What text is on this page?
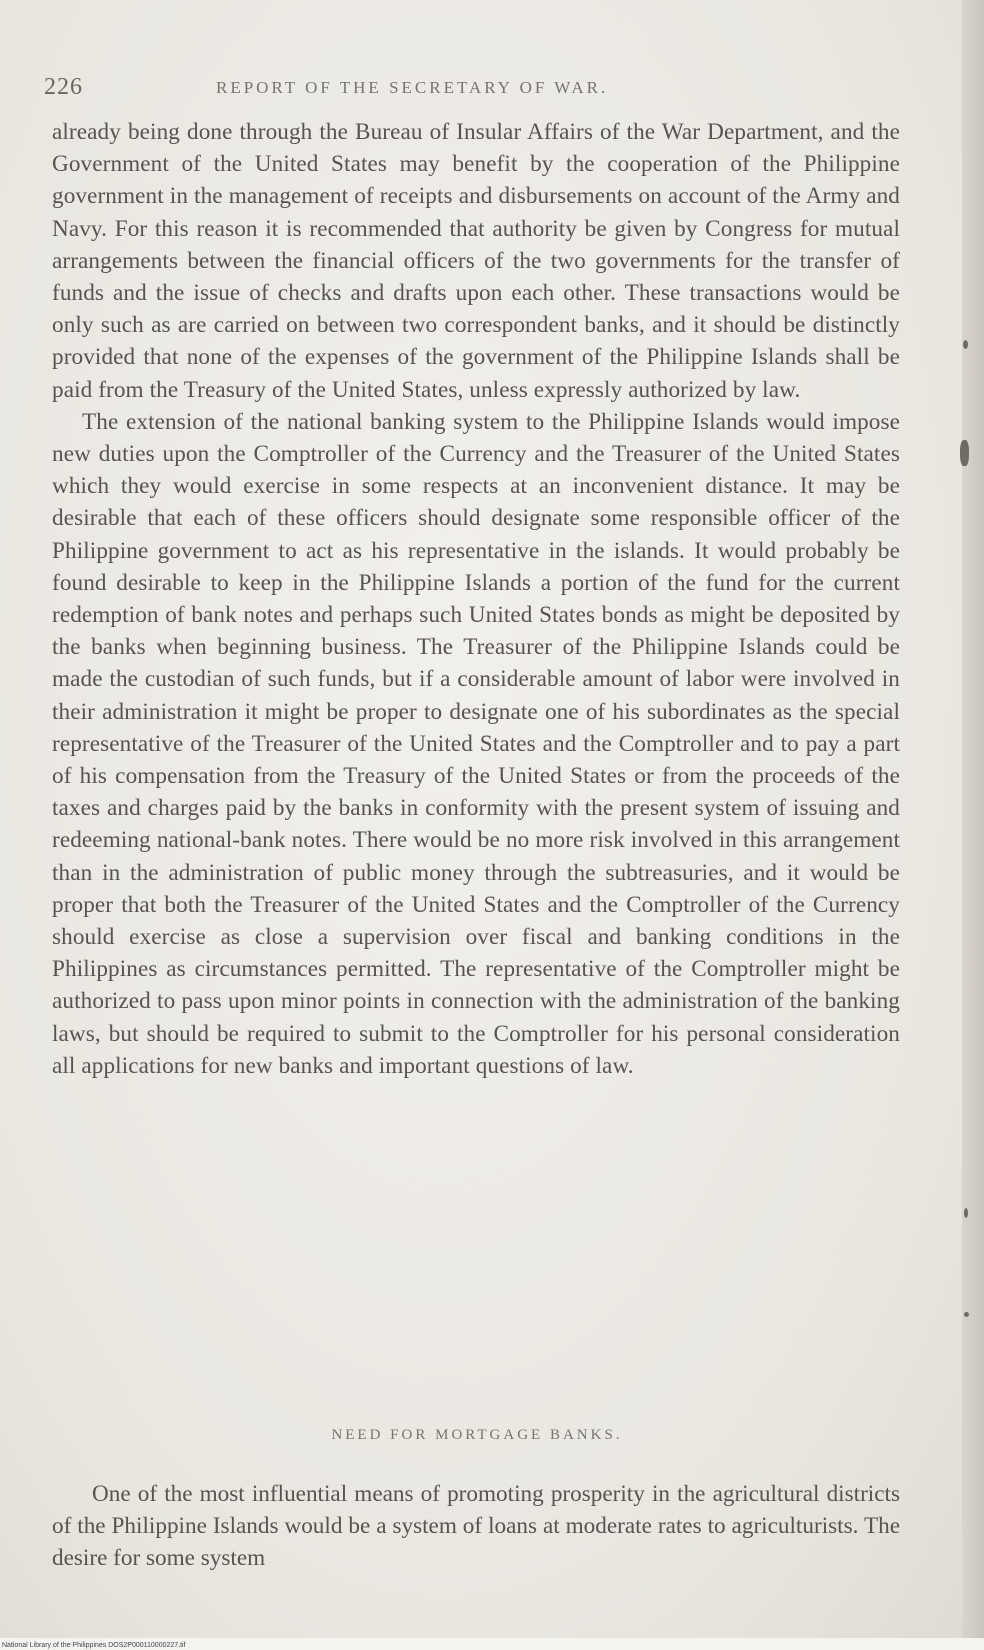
226	REPORT OF THE SECRETARY OF WAR.

already being done through the Bureau of Insular Affairs of the War Department, and the Government of the United States may benefit by the cooperation of the Philippine government in the management of receipts and disbursements on account of the Army and Navy. For this reason it is recommended that authority be given by Congress for mutual arrangements between the financial officers of the two governments for the transfer of funds and the issue of checks and drafts upon each other. These transactions would be only such as are carried on between two correspondent banks, and it should be distinctly provided that none of the expenses of the government of the Philippine Islands shall be paid from the Treasury of the United States, unless expressly authorized by law.

The extension of the national banking system to the Philippine Islands would impose new duties upon the Comptroller of the Currency and the Treasurer of the United States which they would exercise in some respects at an inconvenient distance. It may be desirable that each of these officers should designate some responsible officer of the Philippine government to act as his representative in the islands. It would probably be found desirable to keep in the Philippine Islands a portion of the fund for the current redemption of bank notes and perhaps such United States bonds as might be deposited by the banks when beginning business. The Treasurer of the Philippine Islands could be made the custodian of such funds, but if a considerable amount of labor were involved in their administration it might be proper to designate one of his subordinates as the special representative of the Treasurer of the United States and the Comptroller and to pay a part of his compensation from the Treasury of the United States or from the proceeds of the taxes and charges paid by the banks in conformity with the present system of issuing and redeeming national-bank notes. There would be no more risk involved in this arrangement than in the administration of public money through the subtreasuries, and it would be proper that both the Treasurer of the United States and the Comptroller of the Currency should exercise as close a supervision over fiscal and banking conditions in the Philippines as circumstances permitted. The representative of the Comptroller might be authorized to pass upon minor points in connection with the administration of the banking laws, but should be required to submit to the Comptroller for his personal consideration all applications for new banks and important questions of law.

NEED FOR MORTGAGE BANKS.

One of the most influential means of promoting prosperity in the agricultural districts of the Philippine Islands would be a system of loans at moderate rates to agriculturists. The desire for some system

National Library of the Philippines DOS2P000110000227.tif
